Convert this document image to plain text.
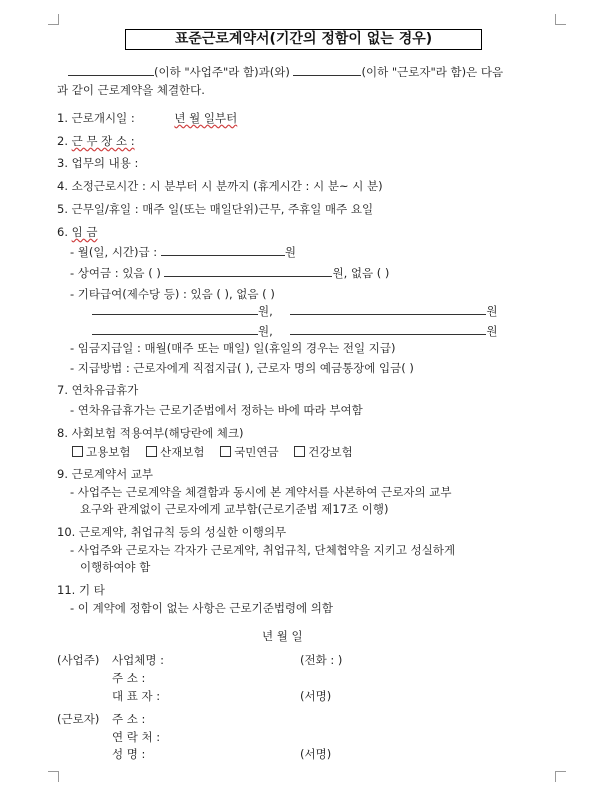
표준근로계약서(기간의 정함이 없는 경우)
(이하 "사업주"라 함)과(와)	(이하 "근로자"라 함)은 다음
과 같이 근로계약을 체결한다.
1. 근로개시일 :	년 월 일부터
2. 근 무 장 소 :
3. 업무의 내용 :
4. 소정근로시간 : 시 분부터 시 분까지 (휴게시간 : 시 분~ 시 분)
5. 근무일/휴일 : 매주 일(또는 매일단위)근무, 주휴일 매주 요일
6. 임 금
- 월(일, 시간)급 :	원
- 상여금 : 있음 ( )	원, 없음 ( )
- 기타급여(제수당 등) : 있음 ( ), 없음 ( )
원,	원
원,	원
- 임금지급일 : 매월(매주 또는 매일) 일(휴일의 경우는 전일 지급)
- 지급방법 : 근로자에게 직접지급( ), 근로자 명의 예금통장에 입금( )
7. 연차유급휴가
- 연차유급휴가는 근로기준법에서 정하는 바에 따라 부여함
8. 사회보험 적용여부(해당란에 체크)
고용보험	산재보험	국민연금	건강보험
9. 근로계약서 교부
- 사업주는 근로계약을 체결함과 동시에 본 계약서를 사본하여 근로자의 교부
요구와 관계없이 근로자에게 교부함(근로기준법 제17조 이행)
10. 근로계약, 취업규칙 등의 성실한 이행의무
- 사업주와 근로자는 각자가 근로계약, 취업규칙, 단체협약을 지키고 성실하게
이행하여야 함
11. 기 타
- 이 계약에 정함이 없는 사항은 근로기준법령에 의함
년 월 일
(사업주) 사업체명 :	(전화 : )
주 소 :
대 표 자 :	(서명)
(근로자) 주 소 :
연 락 처 :
성 명 :	(서명)
